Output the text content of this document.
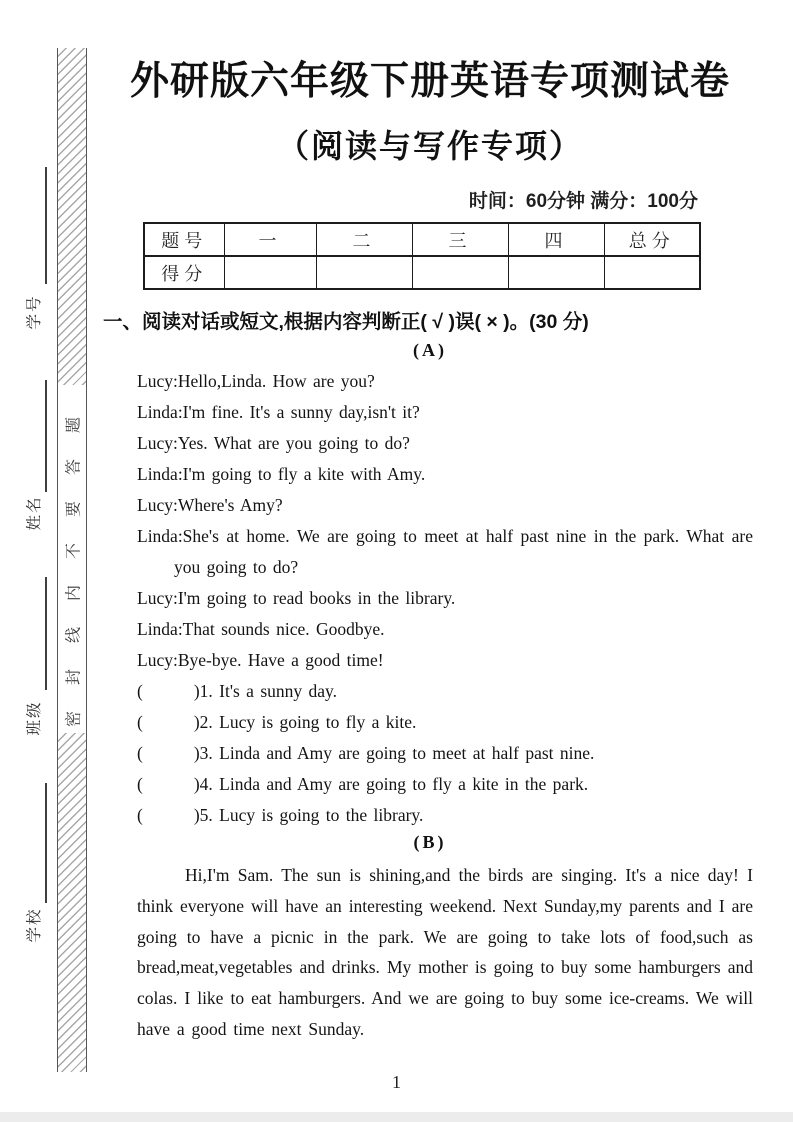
密封线内不要答题
学号
姓名
班级
学校
外研版六年级下册英语专项测试卷
（阅读与写作专项）
时间：60分钟 满分：100分
题号	一	二	三	四	总分
得分					
一、阅读对话或短文,根据内容判断正( √ )误( × )。(30 分)
(A)

Lucy:Hello,Linda. How are you?

Linda:I'm fine. It's a sunny day,isn't it?

Lucy:Yes. What are you going to do?

Linda:I'm going to fly a kite with Amy.

Lucy:Where's Amy?

Linda:She's at home. We are going to meet at half past nine in the park. What are you going to do?

Lucy:I'm going to read books in the library.

Linda:That sounds nice. Goodbye.

Lucy:Bye-bye. Have a good time!

(        )1. It's a sunny day.

(        )2. Lucy is going to fly a kite.

(        )3. Linda and Amy are going to meet at half past nine.

(        )4. Linda and Amy are going to fly a kite in the park.

(        )5. Lucy is going to the library.

(B)

Hi,I'm Sam. The sun is shining,and the birds are singing. It's a nice day! I think everyone will have an interesting weekend. Next Sunday,my parents and I are going to have a picnic in the park. We are going to take lots of food,such as bread,meat,vegetables and drinks. My mother is going to buy some hamburgers and colas. I like to eat hamburgers. And we are going to buy some ice-creams. We will have a good time next Sunday.

1
